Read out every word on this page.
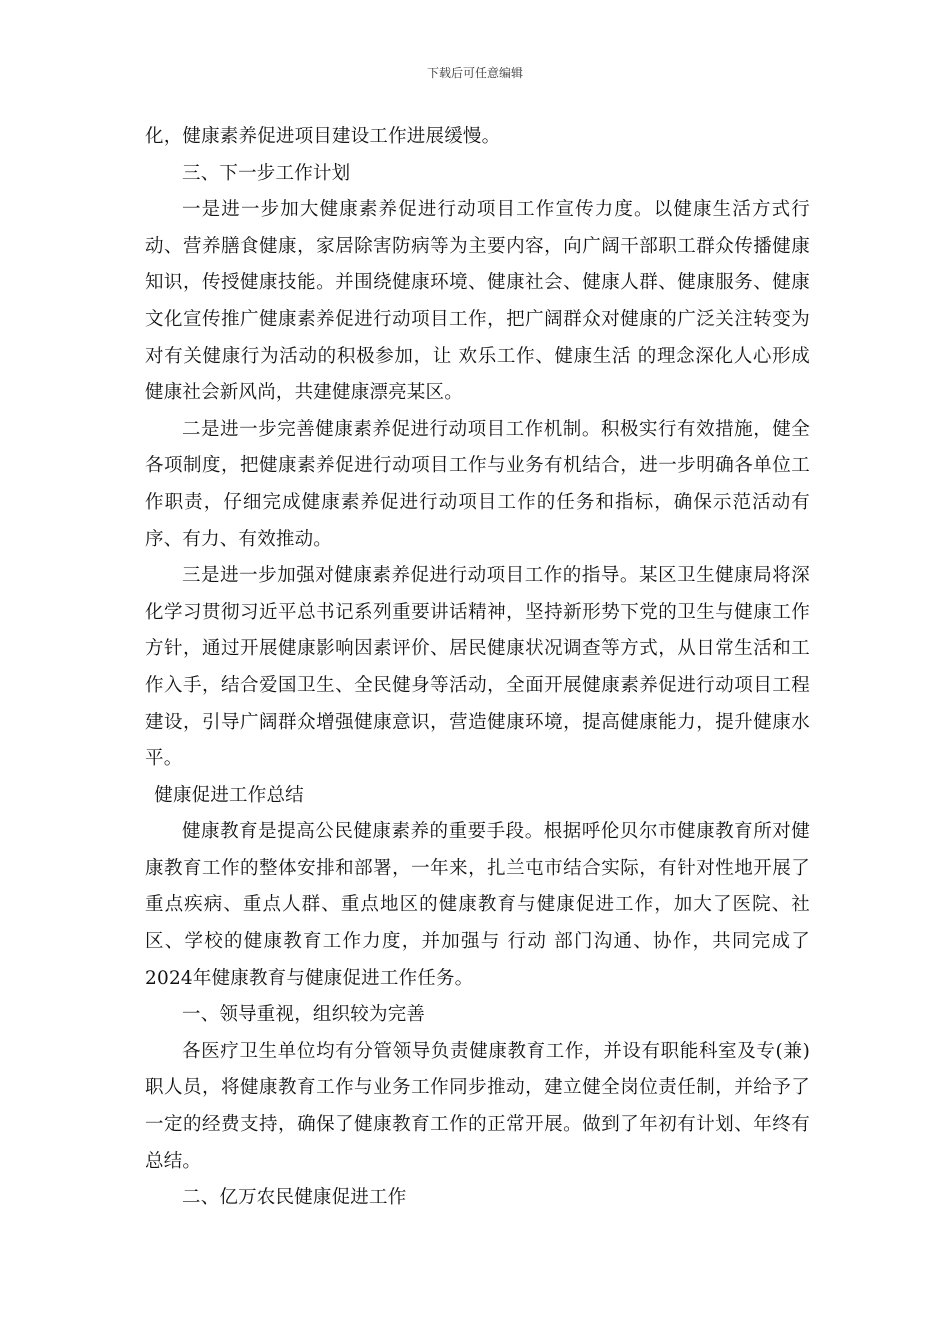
下载后可任意编辑

化，健康素养促进项目建设工作进展缓慢。

三、下一步工作计划

一是进一步加大健康素养促进行动项目工作宣传力度。以健康生活方式行动、营养膳食健康，家居除害防病等为主要内容，向广阔干部职工群众传播健康知识，传授健康技能。并围绕健康环境、健康社会、健康人群、健康服务、健康文化宣传推广健康素养促进行动项目工作，把广阔群众对健康的广泛关注转变为对有关健康行为活动的积极参加，让 欢乐工作、健康生活 的理念深化人心形成健康社会新风尚，共建健康漂亮某区。

二是进一步完善健康素养促进行动项目工作机制。积极实行有效措施，健全各项制度，把健康素养促进行动项目工作与业务有机结合，进一步明确各单位工作职责，仔细完成健康素养促进行动项目工作的任务和指标，确保示范活动有序、有力、有效推动。

三是进一步加强对健康素养促进行动项目工作的指导。某区卫生健康局将深化学习贯彻习近平总书记系列重要讲话精神，坚持新形势下党的卫生与健康工作方针，通过开展健康影响因素评价、居民健康状况调查等方式，从日常生活和工作入手，结合爱国卫生、全民健身等活动，全面开展健康素养促进行动项目工程建设，引导广阔群众增强健康意识，营造健康环境，提高健康能力，提升健康水平。

健康促进工作总结

健康教育是提高公民健康素养的重要手段。根据呼伦贝尔市健康教育所对健康教育工作的整体安排和部署，一年来，扎兰屯市结合实际，有针对性地开展了重点疾病、重点人群、重点地区的健康教育与健康促进工作，加大了医院、社区、学校的健康教育工作力度，并加强与 行动 部门沟通、协作，共同完成了2024年健康教育与健康促进工作任务。

一、领导重视，组织较为完善

各医疗卫生单位均有分管领导负责健康教育工作，并设有职能科室及专(兼)职人员，将健康教育工作与业务工作同步推动，建立健全岗位责任制，并给予了一定的经费支持，确保了健康教育工作的正常开展。做到了年初有计划、年终有总结。

二、亿万农民健康促进工作
